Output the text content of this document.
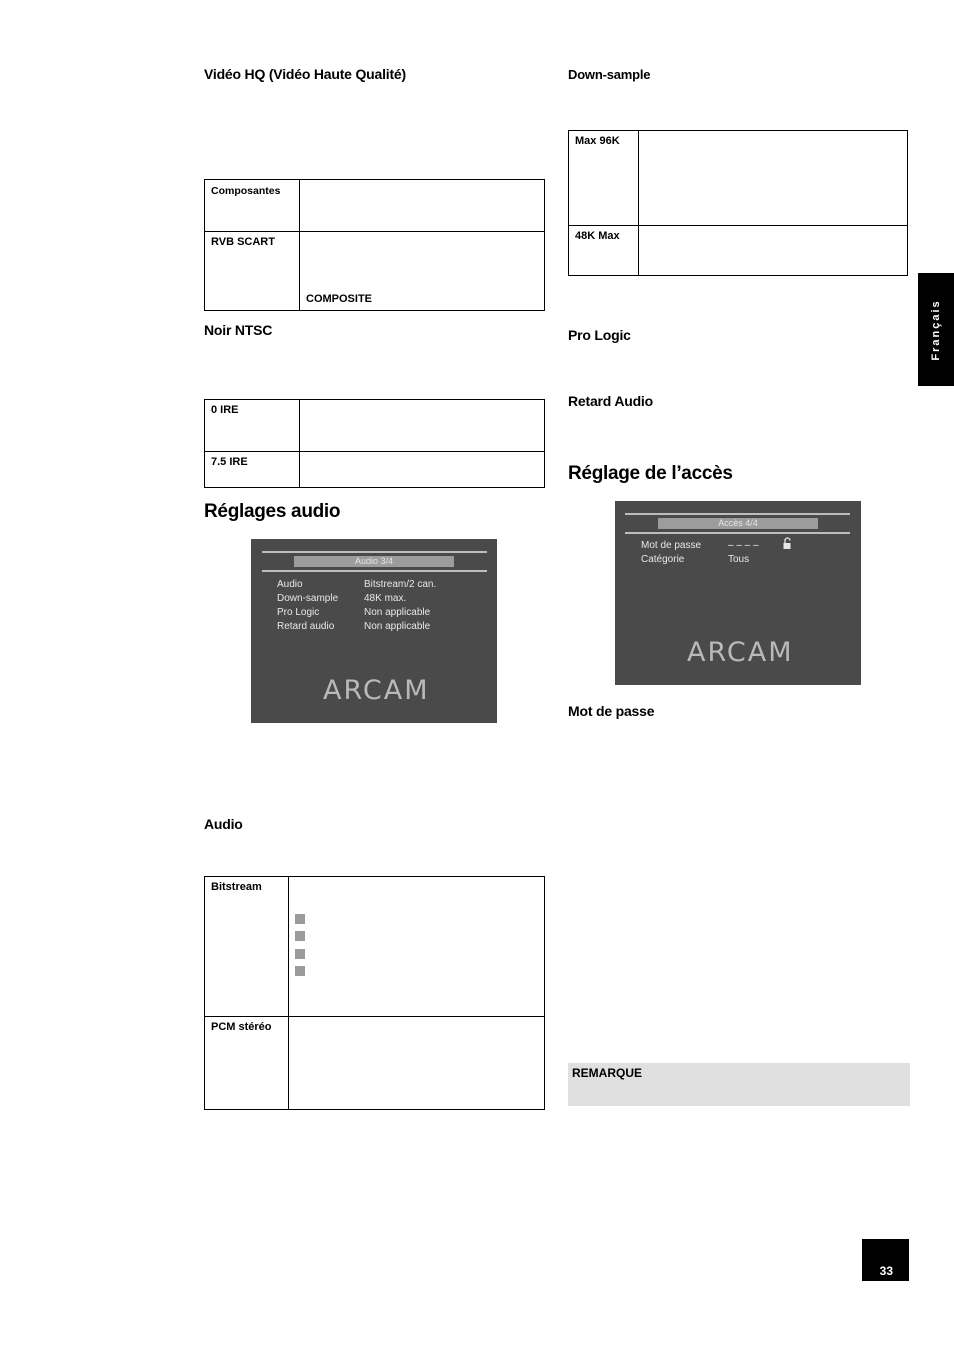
Vidéo HQ (Vidéo Haute Qualité)
Composantes
RVB SCART
COMPOSITE
Noir NTSC
0 IRE
7.5 IRE
Réglages audio
Audio 3/4
Audio	Bitstream/2 can.
Down-sample	48K max.
Pro Logic	Non applicable
Retard audio	Non applicable
ARCAM
Audio
Bitstream
PCM stéréo
Down-sample
Max 96K
48K Max
Pro Logic
Retard Audio
Réglage de l’accès
Accès 4/4
Mot de passe	– – – –
Catégorie	Tous
ARCAM
Mot de passe
REMARQUE
Français
33
